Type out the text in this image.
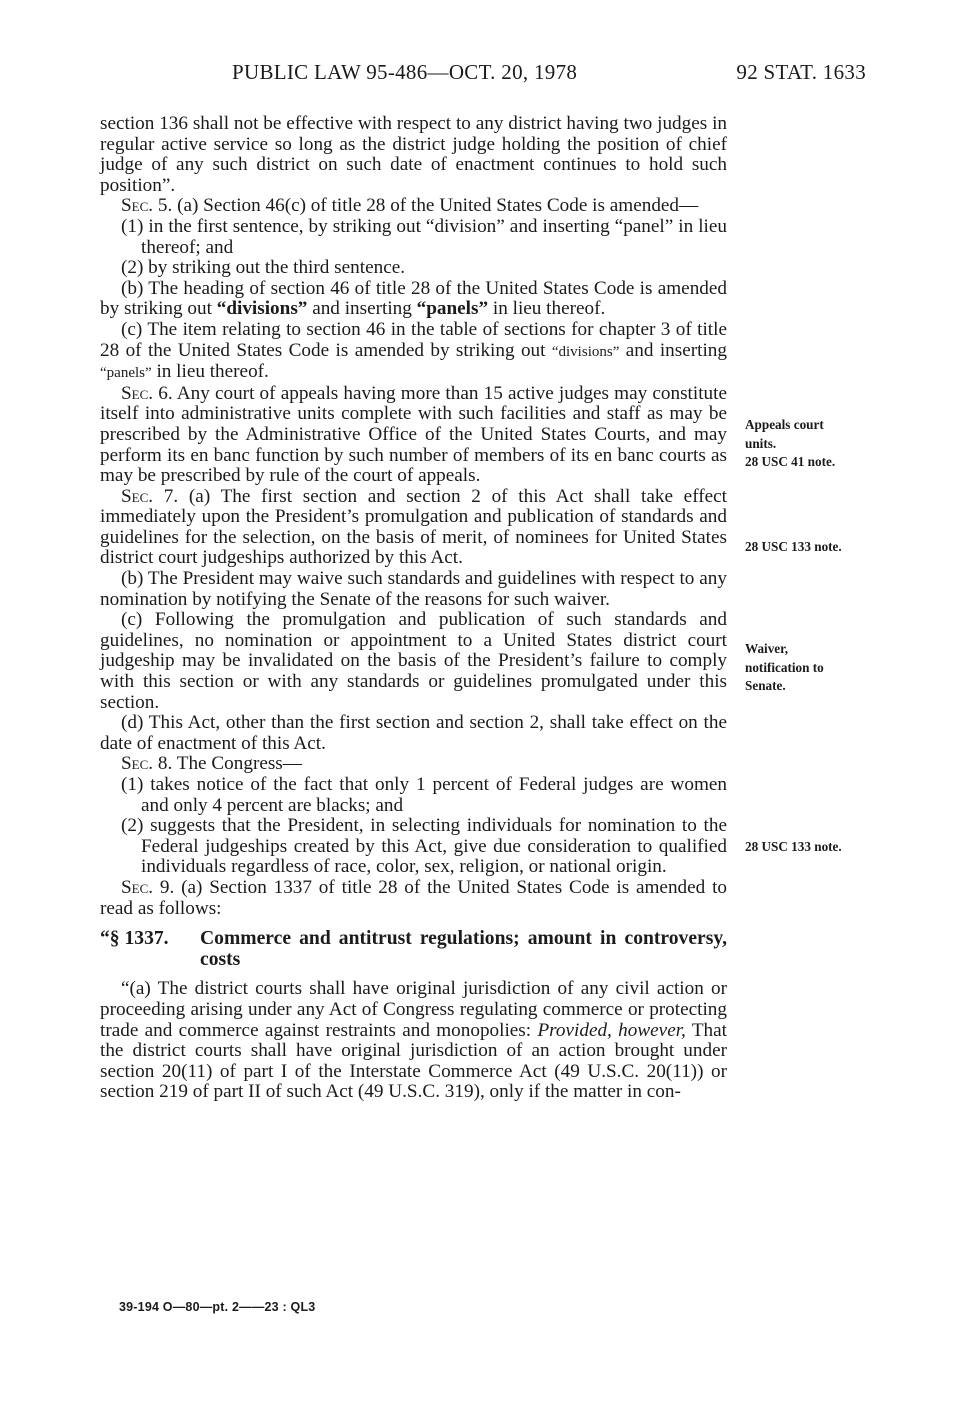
PUBLIC LAW 95-486—OCT. 20, 1978	92 STAT. 1633

section 136 shall not be effective with respect to any district having two judges in regular active service so long as the district judge holding the position of chief judge of any such district on such date of enactment continues to hold such position”.

Sec. 5. (a) Section 46(c) of title 28 of the United States Code is amended—

(1) in the first sentence, by striking out “division” and inserting “panel” in lieu thereof; and

(2) by striking out the third sentence.

(b) The heading of section 46 of title 28 of the United States Code is amended by striking out “divisions” and inserting “panels” in lieu thereof.

(c) The item relating to section 46 in the table of sections for chapter 3 of title 28 of the United States Code is amended by striking out “divisions” and inserting “panels” in lieu thereof.

Sec. 6. Any court of appeals having more than 15 active judges may constitute itself into administrative units complete with such facilities and staff as may be prescribed by the Administrative Office of the United States Courts, and may perform its en banc function by such number of members of its en banc courts as may be prescribed by rule of the court of appeals.

Sec. 7. (a) The first section and section 2 of this Act shall take effect immediately upon the President’s promulgation and publication of standards and guidelines for the selection, on the basis of merit, of nominees for United States district court judgeships authorized by this Act.

(b) The President may waive such standards and guidelines with respect to any nomination by notifying the Senate of the reasons for such waiver.

(c) Following the promulgation and publication of such standards and guidelines, no nomination or appointment to a United States district court judgeship may be invalidated on the basis of the President’s failure to comply with this section or with any standards or guidelines promulgated under this section.

(d) This Act, other than the first section and section 2, shall take effect on the date of enactment of this Act.

Sec. 8. The Congress—

(1) takes notice of the fact that only 1 percent of Federal judges are women and only 4 percent are blacks; and

(2) suggests that the President, in selecting individuals for nomination to the Federal judgeships created by this Act, give due consideration to qualified individuals regardless of race, color, sex, religion, or national origin.

Sec. 9. (a) Section 1337 of title 28 of the United States Code is amended to read as follows:

“§ 1337. Commerce and antitrust regulations; amount in controversy, costs

“(a) The district courts shall have original jurisdiction of any civil action or proceeding arising under any Act of Congress regulating commerce or protecting trade and commerce against restraints and monopolies: Provided, however, That the district courts shall have original jurisdiction of an action brought under section 20(11) of part I of the Interstate Commerce Act (49 U.S.C. 20(11)) or section 219 of part II of such Act (49 U.S.C. 319), only if the matter in con-

Appeals court
units.
28 USC 41 note.
28 USC 133 note.
Waiver,
notification to
Senate.
28 USC 133 note.
39-194 O—80—pt. 2——23 : QL3
